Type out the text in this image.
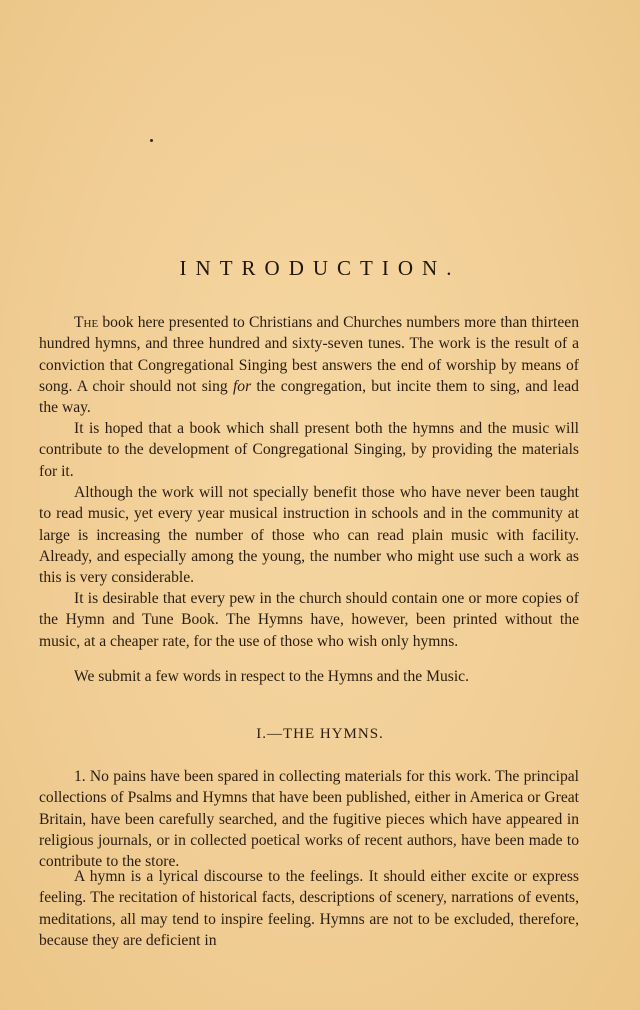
INTRODUCTION.

The book here presented to Christians and Churches numbers more than thirteen hundred hymns, and three hundred and sixty-seven tunes. The work is the result of a conviction that Congregational Singing best answers the end of worship by means of song. A choir should not sing for the congregation, but incite them to sing, and lead the way.

It is hoped that a book which shall present both the hymns and the music will contribute to the development of Congregational Singing, by providing the materials for it.

Although the work will not specially benefit those who have never been taught to read music, yet every year musical instruction in schools and in the community at large is increasing the number of those who can read plain music with facility. Already, and especially among the young, the number who might use such a work as this is very considerable.

It is desirable that every pew in the church should contain one or more copies of the Hymn and Tune Book. The Hymns have, however, been printed without the music, at a cheaper rate, for the use of those who wish only hymns.

We submit a few words in respect to the Hymns and the Music.

I.—THE HYMNS.

1. No pains have been spared in collecting materials for this work. The principal collections of Psalms and Hymns that have been published, either in America or Great Britain, have been carefully searched, and the fugitive pieces which have appeared in religious journals, or in collected poetical works of recent authors, have been made to contribute to the store.

A hymn is a lyrical discourse to the feelings. It should either excite or express feeling. The recitation of historical facts, descriptions of scenery, narrations of events, meditations, all may tend to inspire feeling. Hymns are not to be excluded, therefore, because they are deficient in
